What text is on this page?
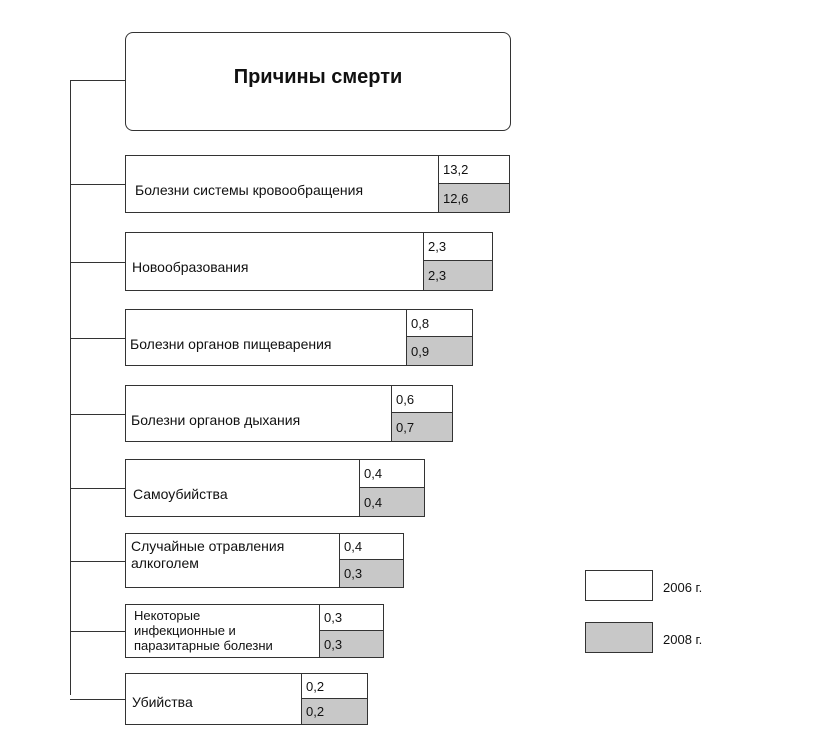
Причины смерти
Болезни системы кровообращения
13,2
12,6
Новообразования
2,3
2,3
Болезни органов пищеварения
0,8
0,9
Болезни органов дыхания
0,6
0,7
Самоубийства
0,4
0,4
Случайные отравления
алкоголем
0,4
0,3
Некоторые
инфекционные и
паразитарные болезни
0,3
0,3
Убийства
0,2
0,2
2006 г.
2008 г.
